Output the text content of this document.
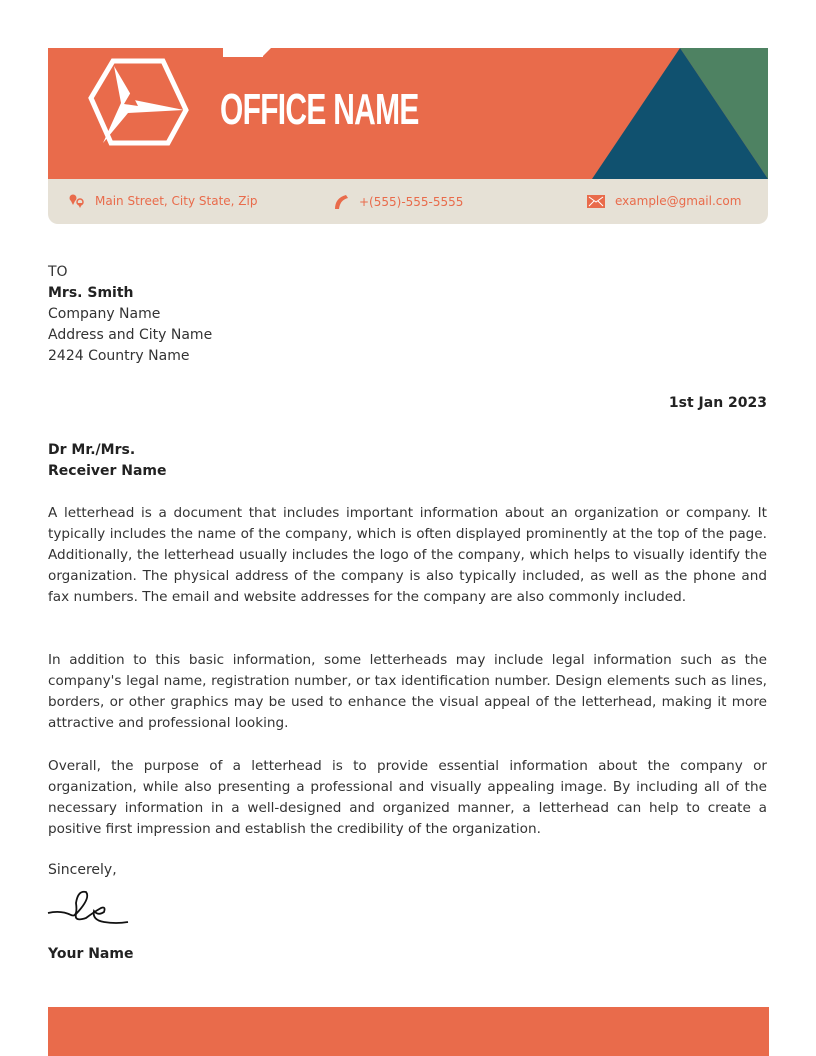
OFFICE NAME
Main Street, City State, Zip	+(555)-555-5555	example@gmail.com
TO
Mrs. Smith
Company Name
Address and City Name
2424 Country Name
1st Jan 2023
Dr Mr./Mrs.
Receiver Name
A letterhead is a document that includes important information about an organization or company. It typically includes the name of the company, which is often displayed prominently at the top of the page. Additionally, the letterhead usually includes the logo of the company, which helps to visually identify the organization. The physical address of the company is also typically included, as well as the phone and fax numbers. The email and website addresses for the company are also commonly included.
In addition to this basic information, some letterheads may include legal information such as the company's legal name, registration number, or tax identification number. Design elements such as lines, borders, or other graphics may be used to enhance the visual appeal of the letterhead, making it more attractive and professional looking.
Overall, the purpose of a letterhead is to provide essential information about the company or organization, while also presenting a professional and visually appealing image. By including all of the necessary information in a well-designed and organized manner, a letterhead can help to create a positive first impression and establish the credibility of the organization.
Sincerely,
Your Name
